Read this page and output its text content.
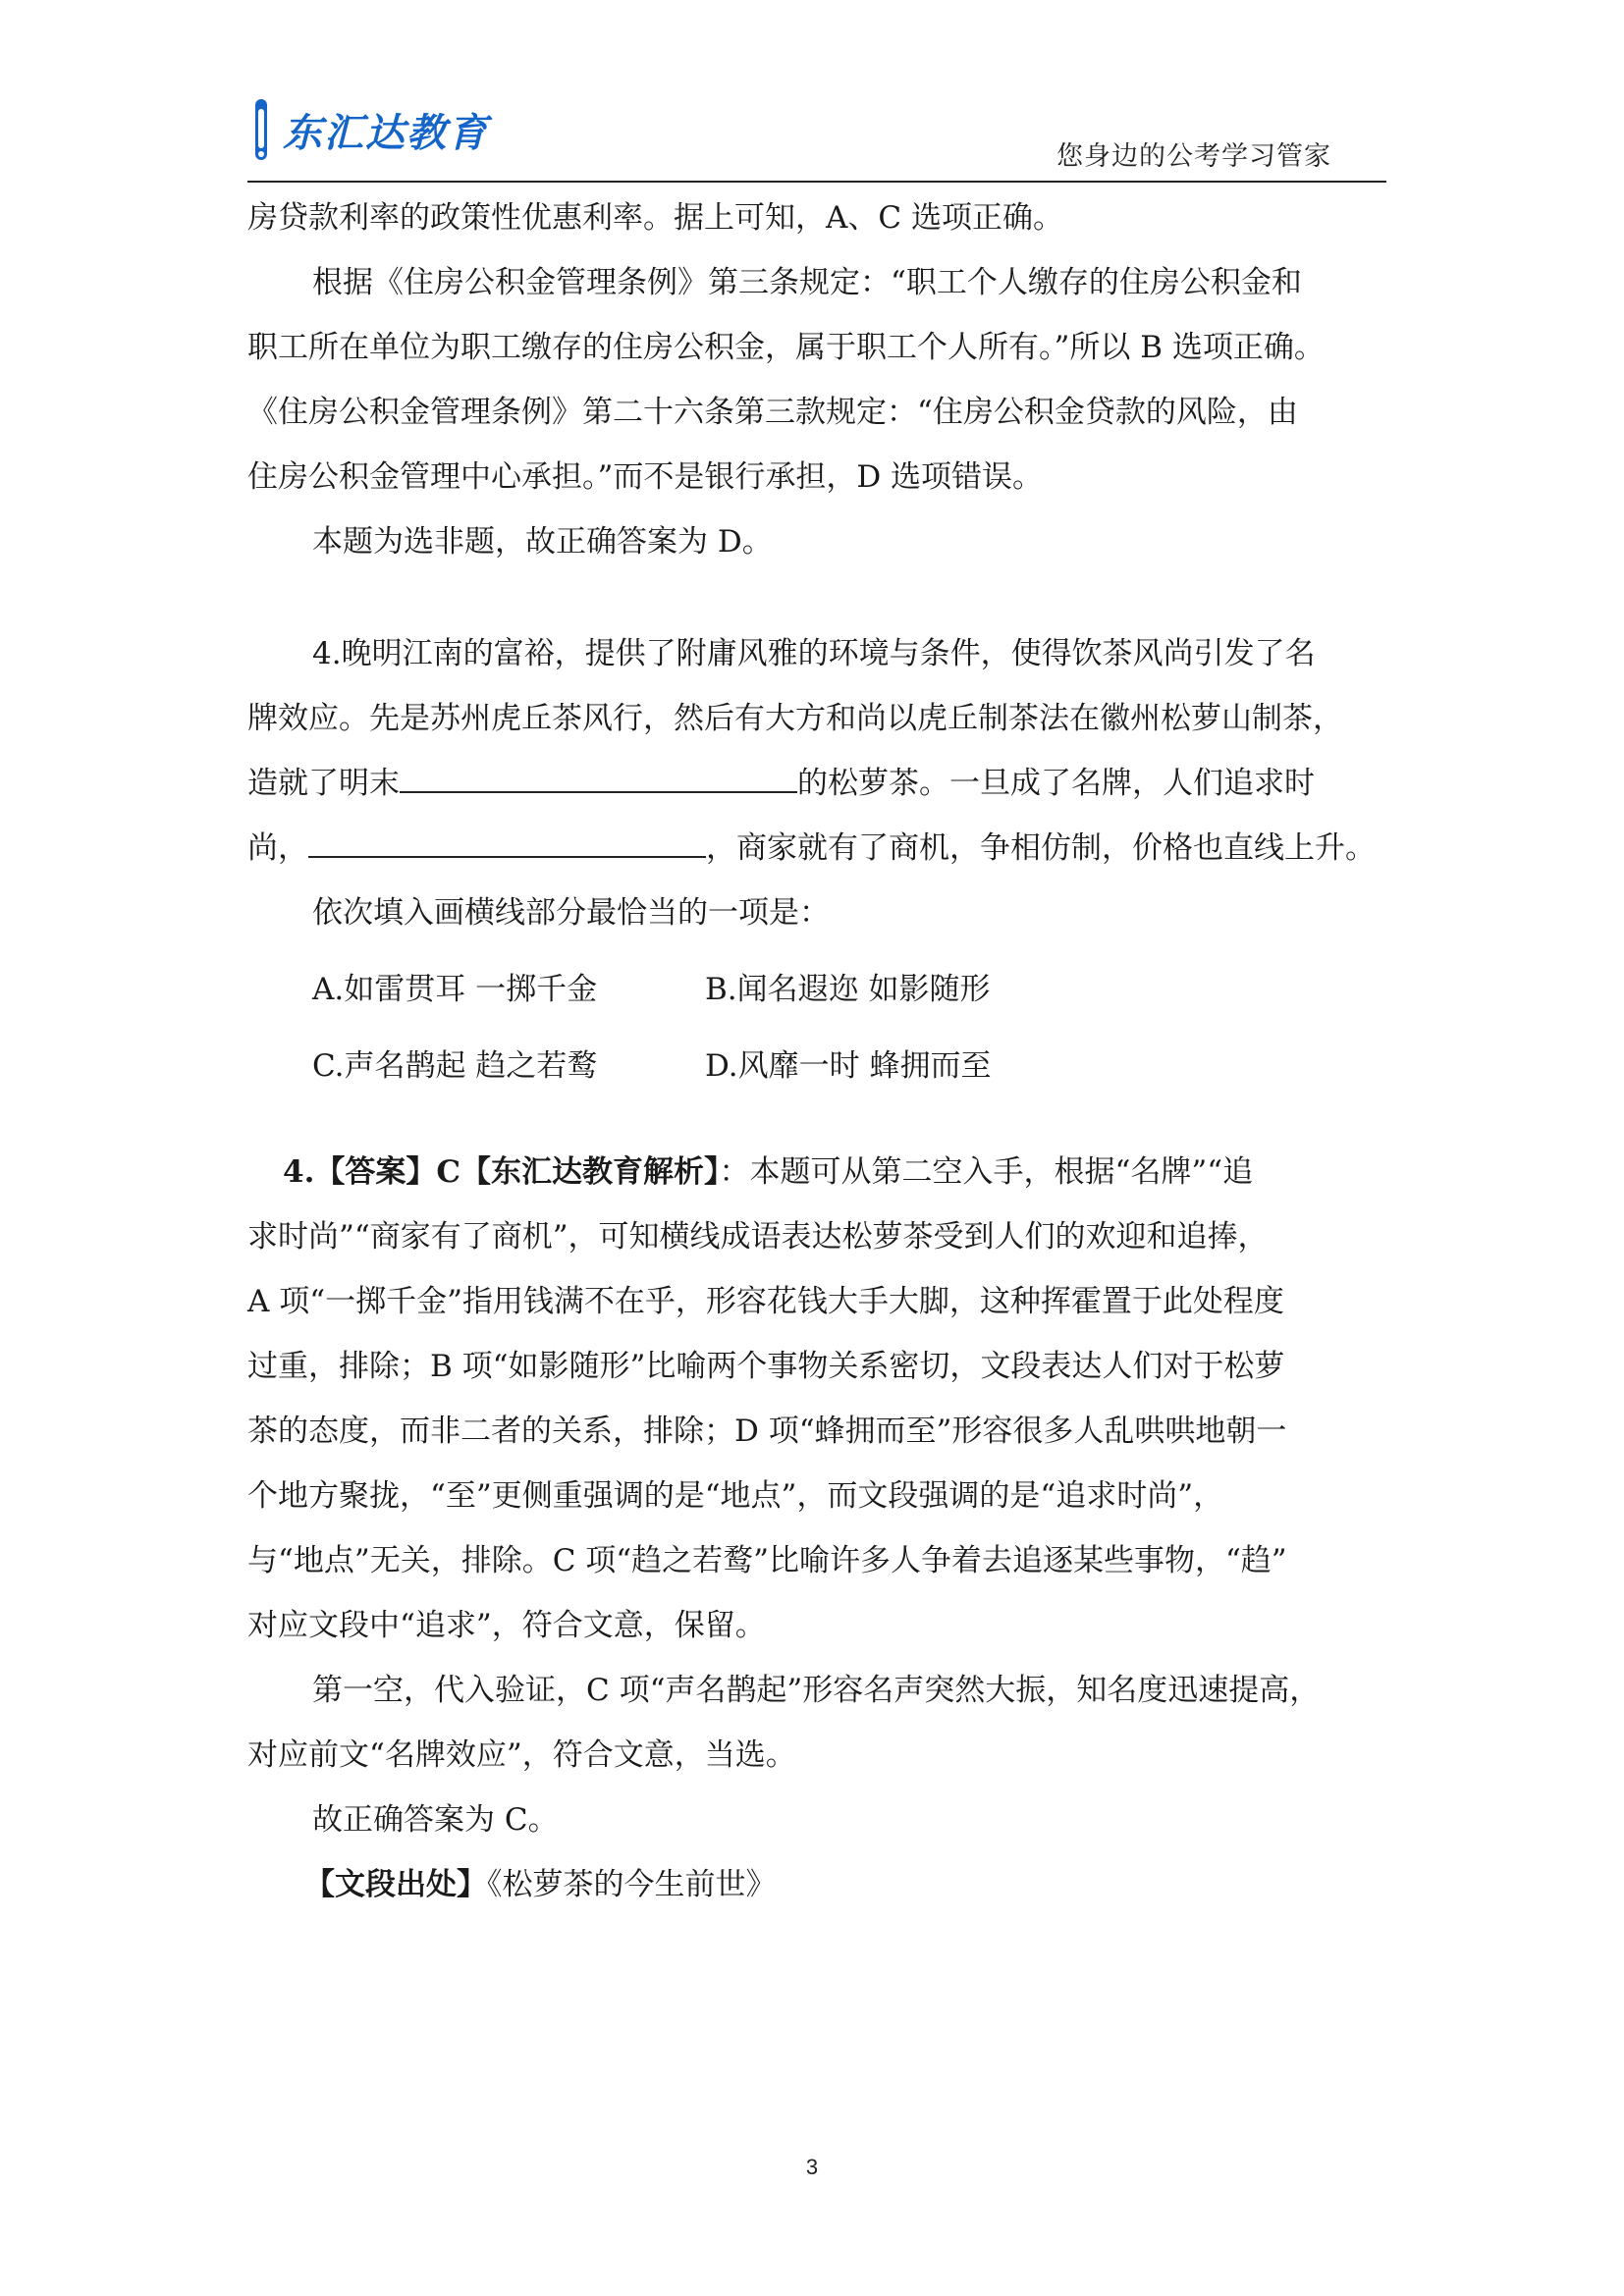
东汇达教育
您身边的公考学习管家
房贷款利率的政策性优惠利率。据上可知，A、C 选项正确。
根据《住房公积金管理条例》第三条规定：“职工个人缴存的住房公积金和
职工所在单位为职工缴存的住房公积金，属于职工个人所有。”所以 B 选项正确。
《住房公积金管理条例》第二十六条第三款规定：“住房公积金贷款的风险，由
住房公积金管理中心承担。”而不是银行承担，D 选项错误。
本题为选非题，故正确答案为 D。
4.晚明江南的富裕，提供了附庸风雅的环境与条件，使得饮茶风尚引发了名
牌效应。先是苏州虎丘茶风行，然后有大方和尚以虎丘制茶法在徽州松萝山制茶，
造就了明末	的松萝茶。一旦成了名牌，人们追求时
尚，	，商家就有了商机，争相仿制，价格也直线上升。
依次填入画横线部分最恰当的一项是：
A.如雷贯耳 一掷千金	B.闻名遐迩 如影随形
C.声名鹊起 趋之若鹜	D.风靡一时 蜂拥而至
4.【答案】C【东汇达教育解析】：本题可从第二空入手，根据“名牌”“追
求时尚”“商家有了商机”，可知横线成语表达松萝茶受到人们的欢迎和追捧，
A 项“一掷千金”指用钱满不在乎，形容花钱大手大脚，这种挥霍置于此处程度
过重，排除；B 项“如影随形”比喻两个事物关系密切，文段表达人们对于松萝
茶的态度，而非二者的关系，排除；D 项“蜂拥而至”形容很多人乱哄哄地朝一
个地方聚拢，“至”更侧重强调的是“地点”，而文段强调的是“追求时尚”，
与“地点”无关，排除。C 项“趋之若鹜”比喻许多人争着去追逐某些事物，“趋”
对应文段中“追求”，符合文意，保留。
第一空，代入验证，C 项“声名鹊起”形容名声突然大振，知名度迅速提高，
对应前文“名牌效应”，符合文意，当选。
故正确答案为 C。
【文段出处】《松萝茶的今生前世》
3
